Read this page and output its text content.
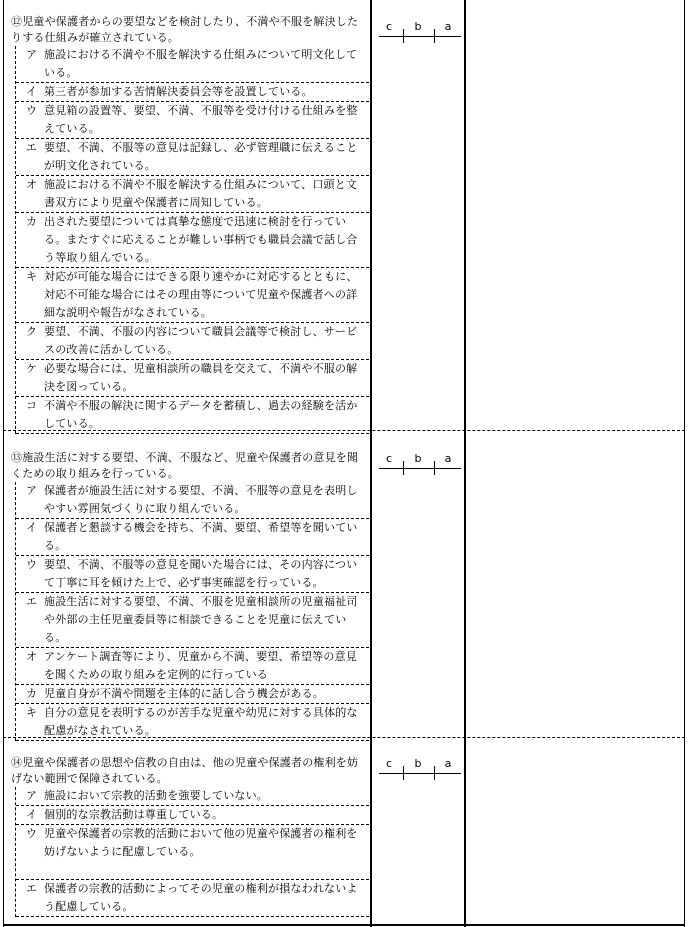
⑫児童や保護者からの要望などを検討したり、不満や不服を解決したりする仕組みが確立されている。
ア 施設における不満や不服を解決する仕組みについて明文化している。
イ 第三者が参加する苦情解決委員会等を設置している。
ウ 意見箱の設置等、要望、不満、不服等を受け付ける仕組みを整えている。
エ 要望、不満、不服等の意見は記録し、必ず管理職に伝えることが明文化されている。
オ 施設における不満や不服を解決する仕組みについて、口頭と文書双方により児童や保護者に周知している。
カ 出された要望については真摯な態度で迅速に検討を行っている。またすぐに応えることが難しい事柄でも職員会議で話し合う等取り組んでいる。
キ 対応が可能な場合にはできる限り速やかに対応するとともに、対応不可能な場合にはその理由等について児童や保護者への詳細な説明や報告がなされている。
ク 要望、不満、不服の内容について職員会議等で検討し、サービスの改善に活かしている。
ケ 必要な場合には、児童相談所の職員を交えて、不満や不服の解決を図っている。
コ 不満や不服の解決に関するデータを蓄積し、過去の経験を活かしている。
c	b	a
⑬施設生活に対する要望、不満、不服など、児童や保護者の意見を聞くための取り組みを行っている。
ア 保護者が施設生活に対する要望、不満、不服等の意見を表明しやすい雰囲気づくりに取り組んでいる。
イ 保護者と懇談する機会を持ち、不満、要望、希望等を聞いている。
ウ 要望、不満、不服等の意見を聞いた場合には、その内容について丁寧に耳を傾けた上で、必ず事実確認を行っている。
エ 施設生活に対する要望、不満、不服を児童相談所の児童福祉司や外部の主任児童委員等に相談できることを児童に伝えている。
オ アンケート調査等により、児童から不満、要望、希望等の意見を聞くための取り組みを定例的に行っている
カ 児童自身が不満や問題を主体的に話し合う機会がある。
キ 自分の意見を表明するのが苦手な児童や幼児に対する具体的な配慮がなされている。
c	b	a
⑭児童や保護者の思想や信教の自由は、他の児童や保護者の権利を妨げない範囲で保障されている。
ア 施設において宗教的活動を強要していない。
イ 個別的な宗教活動は尊重している。
ウ 児童や保護者の宗教的活動において他の児童や保護者の権利を妨げないように配慮している。
エ 保護者の宗教的活動によってその児童の権利が損なわれないよう配慮している。
c	b	a
